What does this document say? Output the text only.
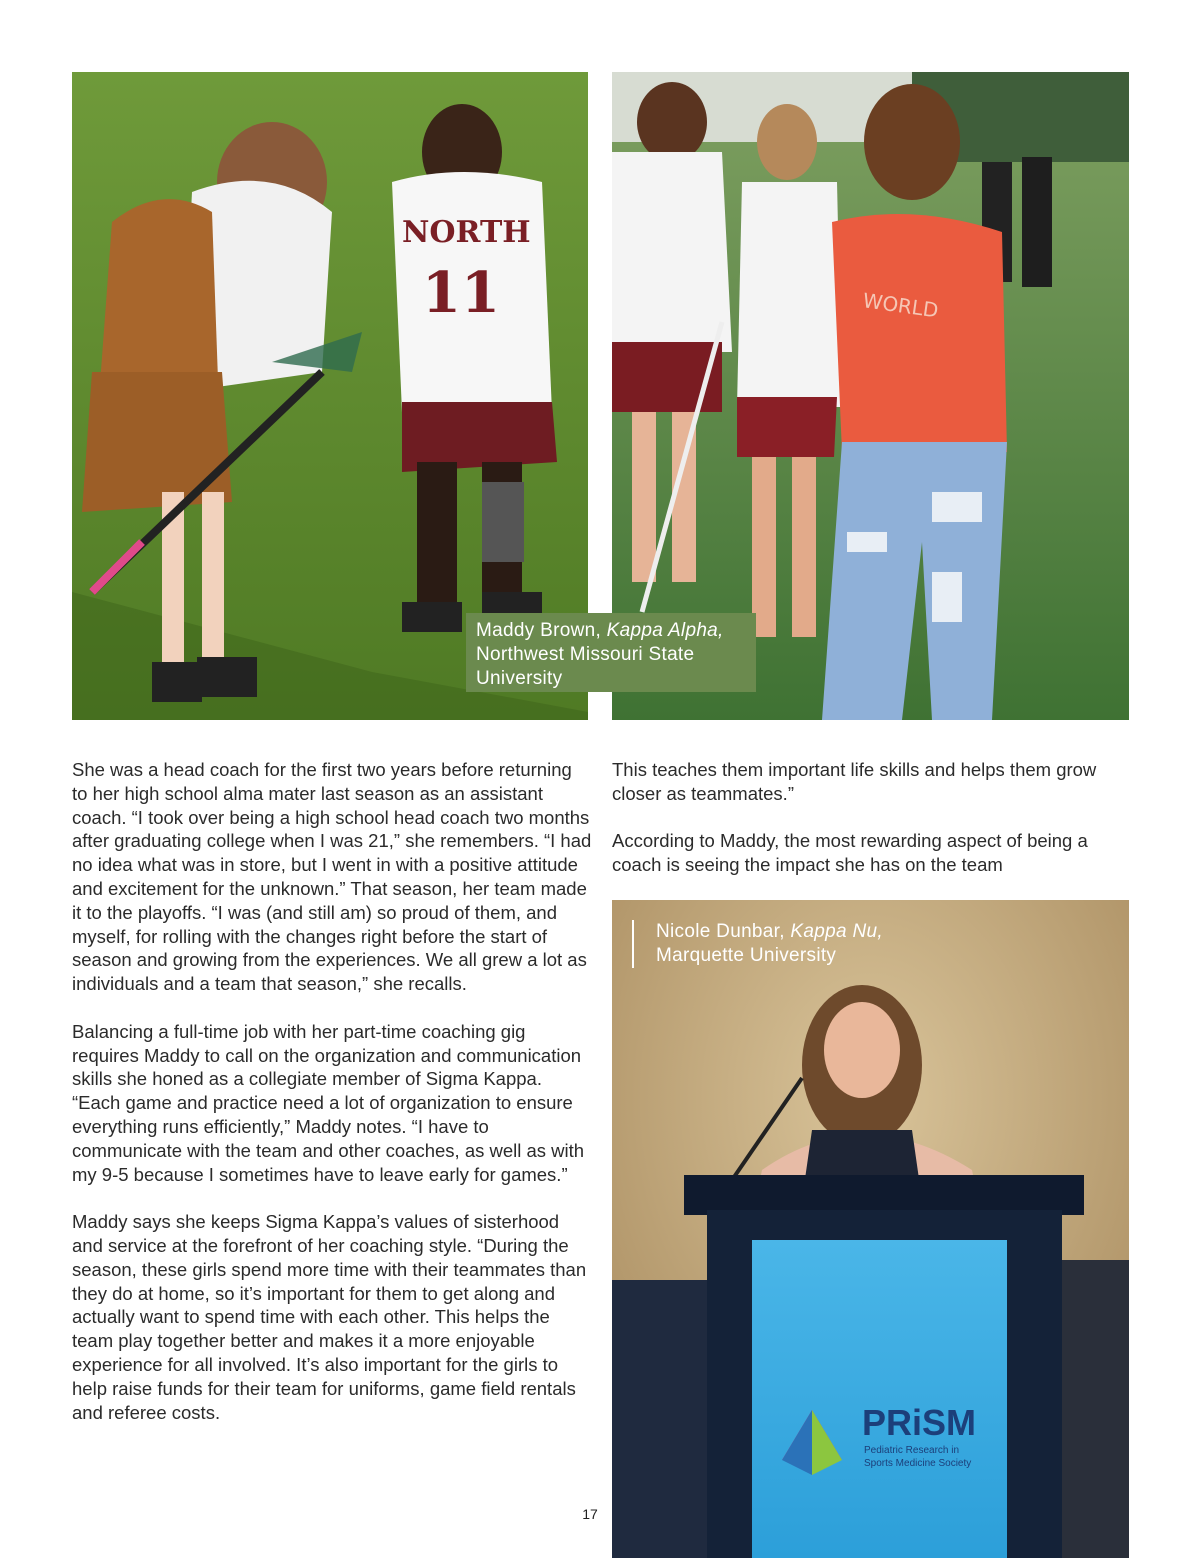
NORTH
11	WORLD
Maddy Brown, Kappa Alpha,
Northwest Missouri State University
PRiSM
Pediatric Research in
Sports Medicine Society
Nicole Dunbar, Kappa Nu,
Marquette University

She was a head coach for the first two years before returning to her high school alma mater last season as an assistant coach. “I took over being a high school head coach two months after graduating college when I was 21,” she remembers. “I had no idea what was in store, but I went in with a positive attitude and excitement for the unknown.” That season, her team made it to the playoffs. “I was (and still am) so proud of them, and myself, for rolling with the changes right before the start of season and growing from the experiences. We all grew a lot as individuals and a team that season,” she recalls.

Balancing a full-time job with her part-time coaching gig requires Maddy to call on the organization and communication skills she honed as a collegiate member of Sigma Kappa. “Each game and practice need a lot of organization to ensure everything runs efficiently,” Maddy notes. “I have to communicate with the team and other coaches, as well as with my 9-5 because I sometimes have to leave early for games.”

Maddy says she keeps Sigma Kappa’s values of sisterhood and service at the forefront of her coaching style. “During the season, these girls spend more time with their teammates than they do at home, so it’s important for them to get along and actually want to spend time with each other. This helps the team play together better and makes it a more enjoyable experience for all involved. It’s also important for the girls to help raise funds for their team for uniforms, game field rentals and referee costs.

This teaches them important life skills and helps them grow closer as teammates.”

According to Maddy, the most rewarding aspect of being a coach is seeing the impact she has on the team

17
